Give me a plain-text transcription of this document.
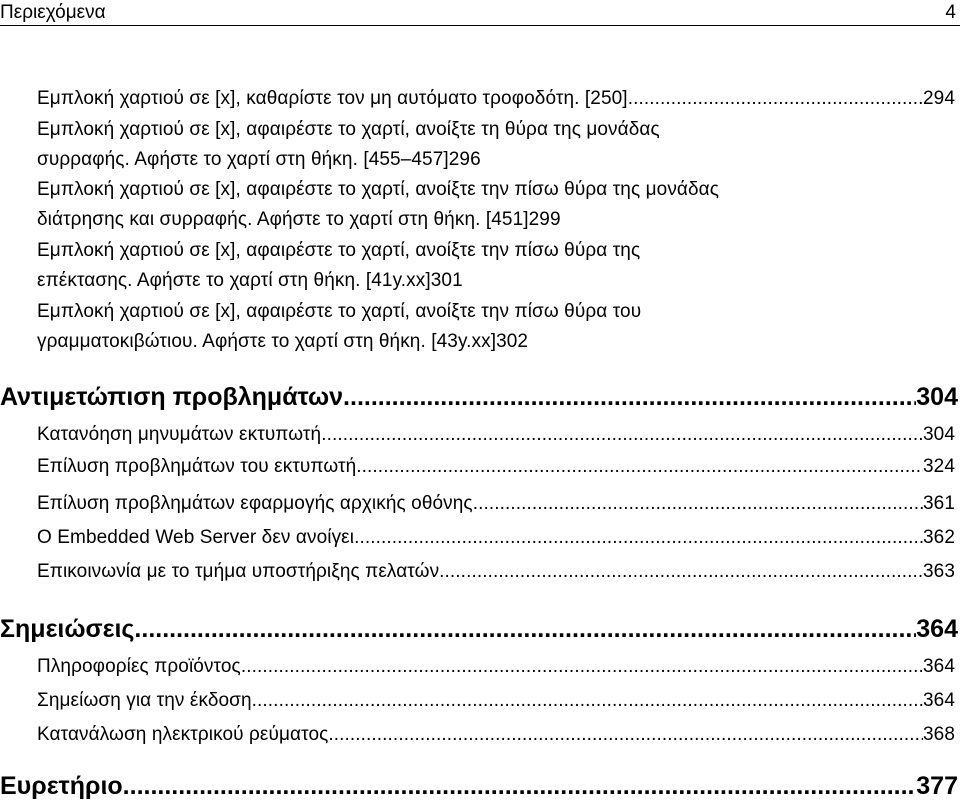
Περιεχόμενα	4
Εμπλοκή χαρτιού σε [x], καθαρίστε τον μη αυτόματο τροφοδότη. [250] .....	294
Εμπλοκή χαρτιού σε [x], αφαιρέστε το χαρτί, ανοίξτε τη θύρα της μονάδας
συρραφής. Αφήστε το χαρτί στη θήκη. [455–457] 296
Εμπλοκή χαρτιού σε [x], αφαιρέστε το χαρτί, ανοίξτε την πίσω θύρα της μονάδας
διάτρησης και συρραφής. Αφήστε το χαρτί στη θήκη. [451] 299
Εμπλοκή χαρτιού σε [x], αφαιρέστε το χαρτί, ανοίξτε την πίσω θύρα της
επέκτασης. Αφήστε το χαρτί στη θήκη. [41y.xx] 301
Εμπλοκή χαρτιού σε [x], αφαιρέστε το χαρτί, ανοίξτε την πίσω θύρα του
γραμματοκιβώτιου. Αφήστε το χαρτί στη θήκη. [43y.xx] 302
Αντιμετώπιση προβλημάτων .....	304
Κατανόηση μηνυμάτων εκτυπωτή .....	304
Επίλυση προβλημάτων του εκτυπωτή .....	324
Επίλυση προβλημάτων εφαρμογής αρχικής οθόνης .....	361
Ο Embedded Web Server δεν ανοίγει .....	362
Επικοινωνία με το τμήμα υποστήριξης πελατών .....	363
Σημειώσεις .....	364
Πληροφορίες προϊόντος .....	364
Σημείωση για την έκδοση .....	364
Κατανάλωση ηλεκτρικού ρεύματος .....	368
Ευρετήριο .....	377
